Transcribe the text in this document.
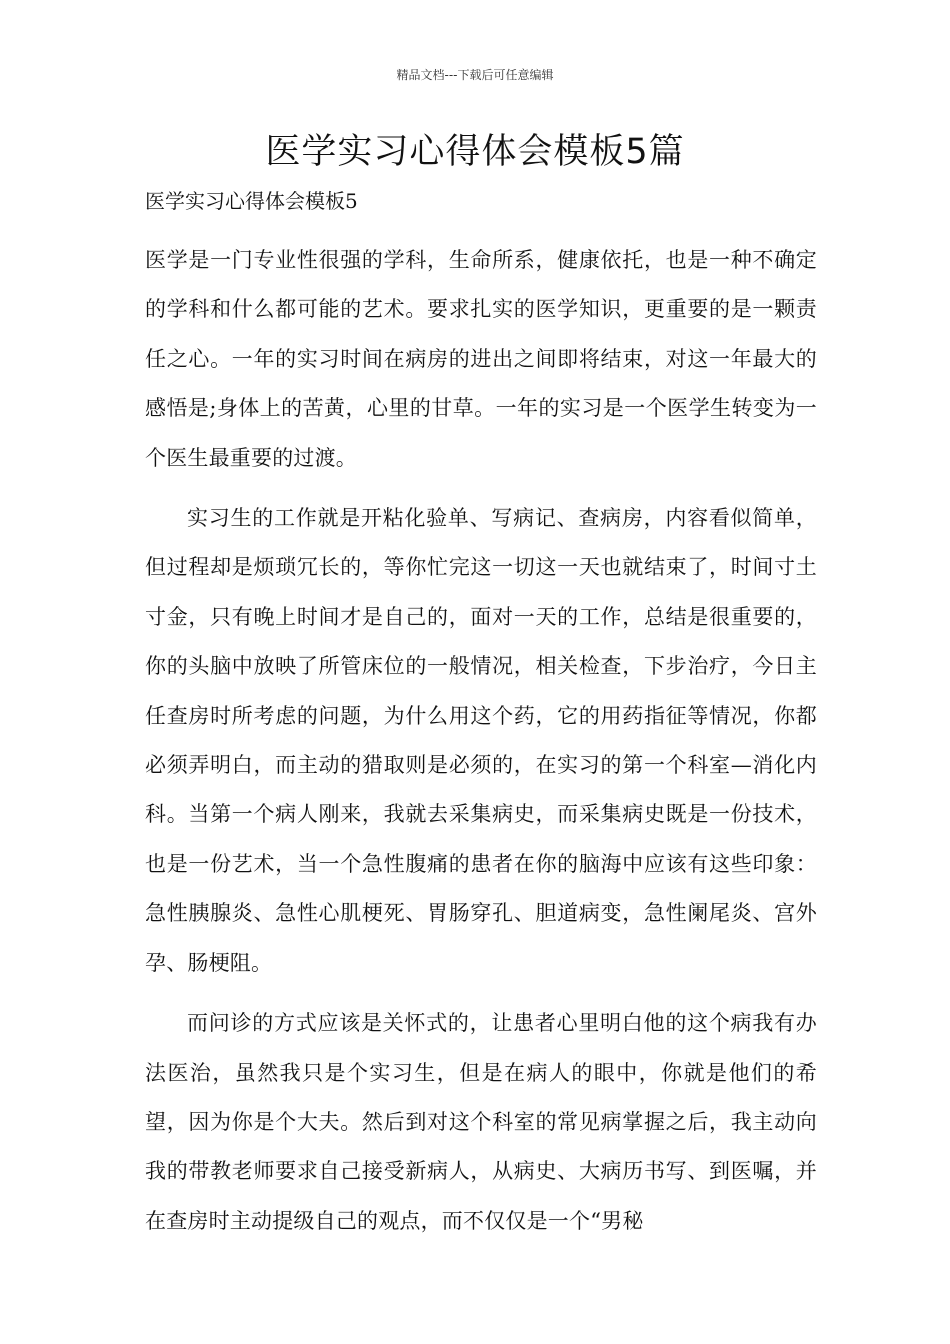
精品文档---下载后可任意编辑
医学实习心得体会模板5篇
医学实习心得体会模板5

医学是一门专业性很强的学科，生命所系，健康依托，也是一种不确定的学科和什么都可能的艺术。要求扎实的医学知识，更重要的是一颗责任之心。一年的实习时间在病房的进出之间即将结束，对这一年最大的感悟是;身体上的苦黄，心里的甘草。一年的实习是一个医学生转变为一个医生最重要的过渡。

实习生的工作就是开粘化验单、写病记、查病房，内容看似简单，但过程却是烦琐冗长的，等你忙完这一切这一天也就结束了，时间寸土寸金，只有晚上时间才是自己的，面对一天的工作，总结是很重要的，你的头脑中放映了所管床位的一般情况，相关检查，下步治疗，今日主任查房时所考虑的问题，为什么用这个药，它的用药指征等情况，你都必须弄明白，而主动的猎取则是必须的，在实习的第一个科室—消化内科。当第一个病人刚来，我就去采集病史，而采集病史既是一份技术，也是一份艺术，当一个急性腹痛的患者在你的脑海中应该有这些印象：急性胰腺炎、急性心肌梗死、胃肠穿孔、胆道病变，急性阑尾炎、宫外孕、肠梗阻。

而问诊的方式应该是关怀式的，让患者心里明白他的这个病我有办法医治，虽然我只是个实习生，但是在病人的眼中，你就是他们的希望，因为你是个大夫。然后到对这个科室的常见病掌握之后，我主动向我的带教老师要求自己接受新病人，从病史、大病历书写、到医嘱，并在查房时主动提级自己的观点，而不仅仅是一个“男秘
